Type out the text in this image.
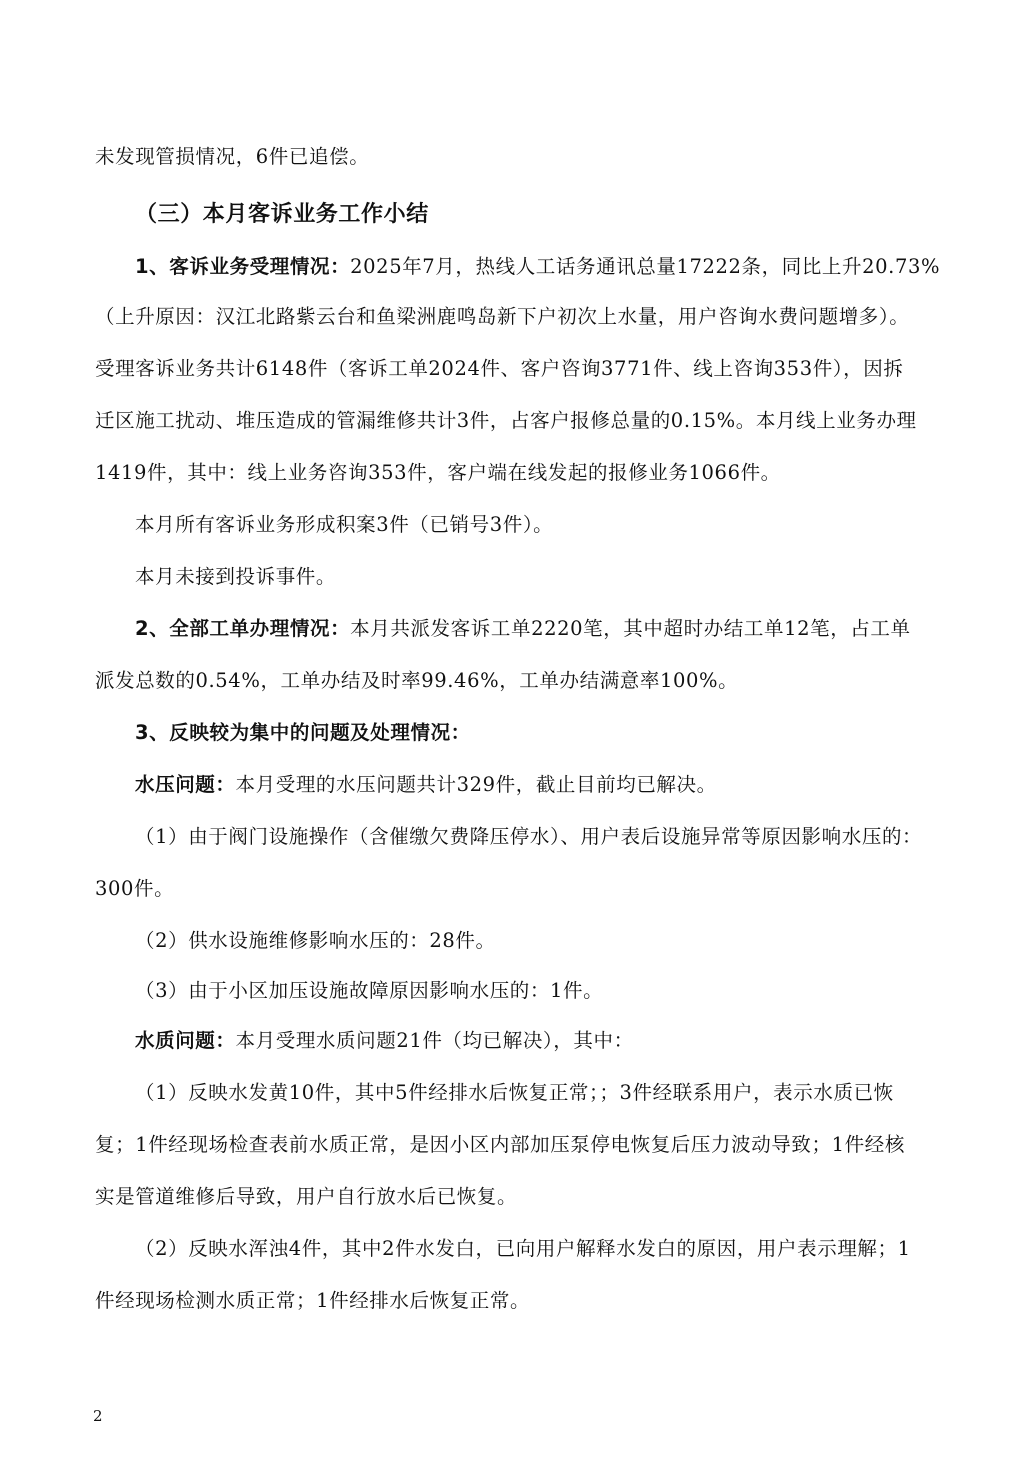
未发现管损情况，6件已追偿。

（三）本月客诉业务工作小结

1、客诉业务受理情况：2025年7月，热线人工话务通讯总量17222条，同比上升20.73%

（上升原因：汉江北路紫云台和鱼梁洲鹿鸣岛新下户初次上水量，用户咨询水费问题增多）。

受理客诉业务共计6148件（客诉工单2024件、客户咨询3771件、线上咨询353件），因拆

迁区施工扰动、堆压造成的管漏维修共计3件，占客户报修总量的0.15%。本月线上业务办理

1419件，其中：线上业务咨询353件，客户端在线发起的报修业务1066件。

本月所有客诉业务形成积案3件（已销号3件）。

本月未接到投诉事件。

2、全部工单办理情况：本月共派发客诉工单2220笔，其中超时办结工单12笔，占工单

派发总数的0.54%，工单办结及时率99.46%，工单办结满意率100%。

3、反映较为集中的问题及处理情况：

水压问题：本月受理的水压问题共计329件，截止目前均已解决。

（1）由于阀门设施操作（含催缴欠费降压停水）、用户表后设施异常等原因影响水压的：

300件。

（2）供水设施维修影响水压的：28件。

（3）由于小区加压设施故障原因影响水压的：1件。

水质问题：本月受理水质问题21件（均已解决），其中：

（1）反映水发黄10件，其中5件经排水后恢复正常；；3件经联系用户，表示水质已恢

复；1件经现场检查表前水质正常，是因小区内部加压泵停电恢复后压力波动导致；1件经核

实是管道维修后导致，用户自行放水后已恢复。

（2）反映水浑浊4件，其中2件水发白，已向用户解释水发白的原因，用户表示理解；1

件经现场检测水质正常；1件经排水后恢复正常。

2
